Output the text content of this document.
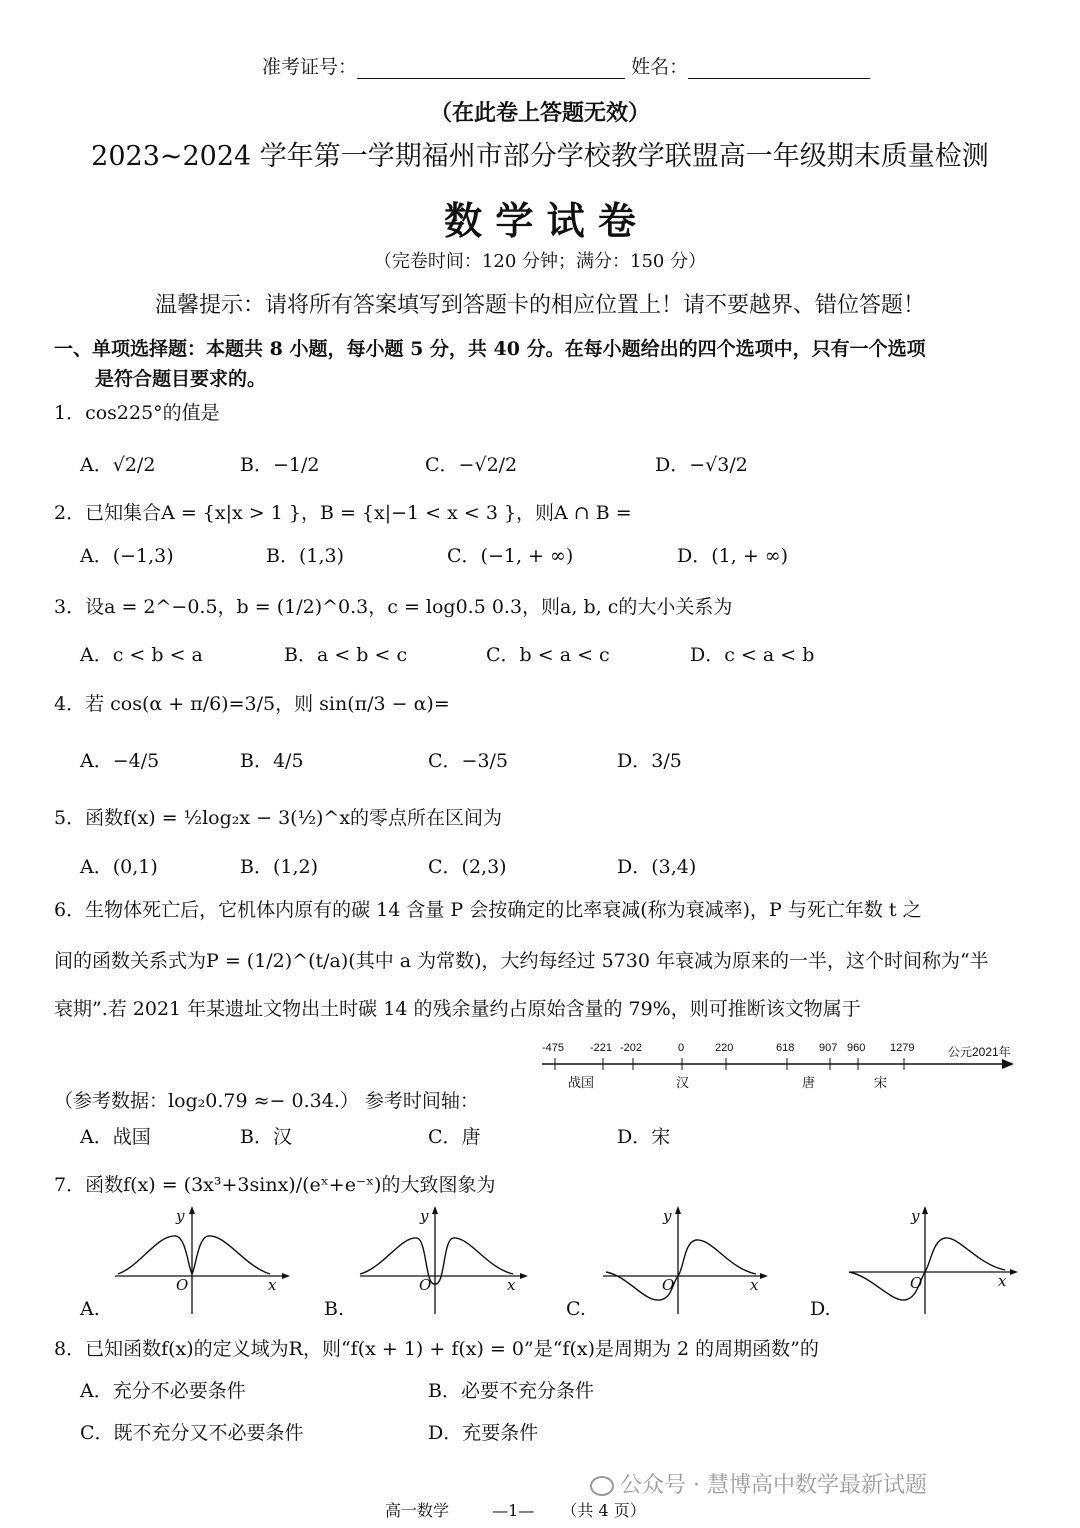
准考证号：	姓名：
（在此卷上答题无效）
2023~2024 学年第一学期福州市部分学校教学联盟高一年级期末质量检测
数 学 试 卷
（完卷时间：120 分钟；满分：150 分）
温馨提示：请将所有答案填写到答题卡的相应位置上！请不要越界、错位答题！
一、单项选择题：本题共 8 小题，每小题 5 分，共 40 分。在每小题给出的四个选项中，只有一个选项
是符合题目要求的。
1．cos225°的值是
A．√2/2	B．−1/2	C．−√2/2	D．−√3/2
2．已知集合A = {x|x > 1 }，B = {x|−1 < x < 3 }，则A ∩ B =
A．(−1,3)	B．(1,3)	C．(−1, + ∞)	D．(1, + ∞)
3．设a = 2^−0.5，b = (1/2)^0.3，c = log0.5 0.3，则a, b, c的大小关系为
A．c < b < a	B．a < b < c	C．b < a < c	D．c < a < b
4．若 cos(α + π/6)=3/5，则 sin(π/3 − α)=
A．−4/5	B．4/5	C．−3/5	D．3/5
5．函数f(x) = ½log₂x − 3(½)^x的零点所在区间为
A．(0,1)	B．(1,2)	C．(2,3)	D．(3,4)
6．生物体死亡后，它机体内原有的碳 14 含量 P 会按确定的比率衰减(称为衰减率)，P 与死亡年数 t 之
间的函数关系式为P = (1/2)^(t/a)(其中 a 为常数)，大约每经过 5730 年衰减为原来的一半，这个时间称为“半
衰期”.若 2021 年某遗址文物出土时碳 14 的残余量约占原始含量的 79%，则可推断该文物属于
-475 -221 -202	0	220	618 907 960 1279	公元2021年
战国	汉	唐	宋
（参考数据：log₂0.79 ≈− 0.34.） 参考时间轴：
A．战国	B．汉	C．唐	D．宋
7．函数f(x) = (3x³+3sinx)/(eˣ+e⁻ˣ)的大致图象为
y
O	x
y
O	x
y
O	x
y
O	x
A.	B.	C.	D.
8．已知函数f(x)的定义域为R，则“f(x + 1) + f(x) = 0”是“f(x)是周期为 2 的周期函数”的
A．充分不必要条件	B．必要不充分条件
C．既不充分又不必要条件	D．充要条件
公众号 · 慧博高中数学最新试题
高一数学	—1— （共 4 页）
